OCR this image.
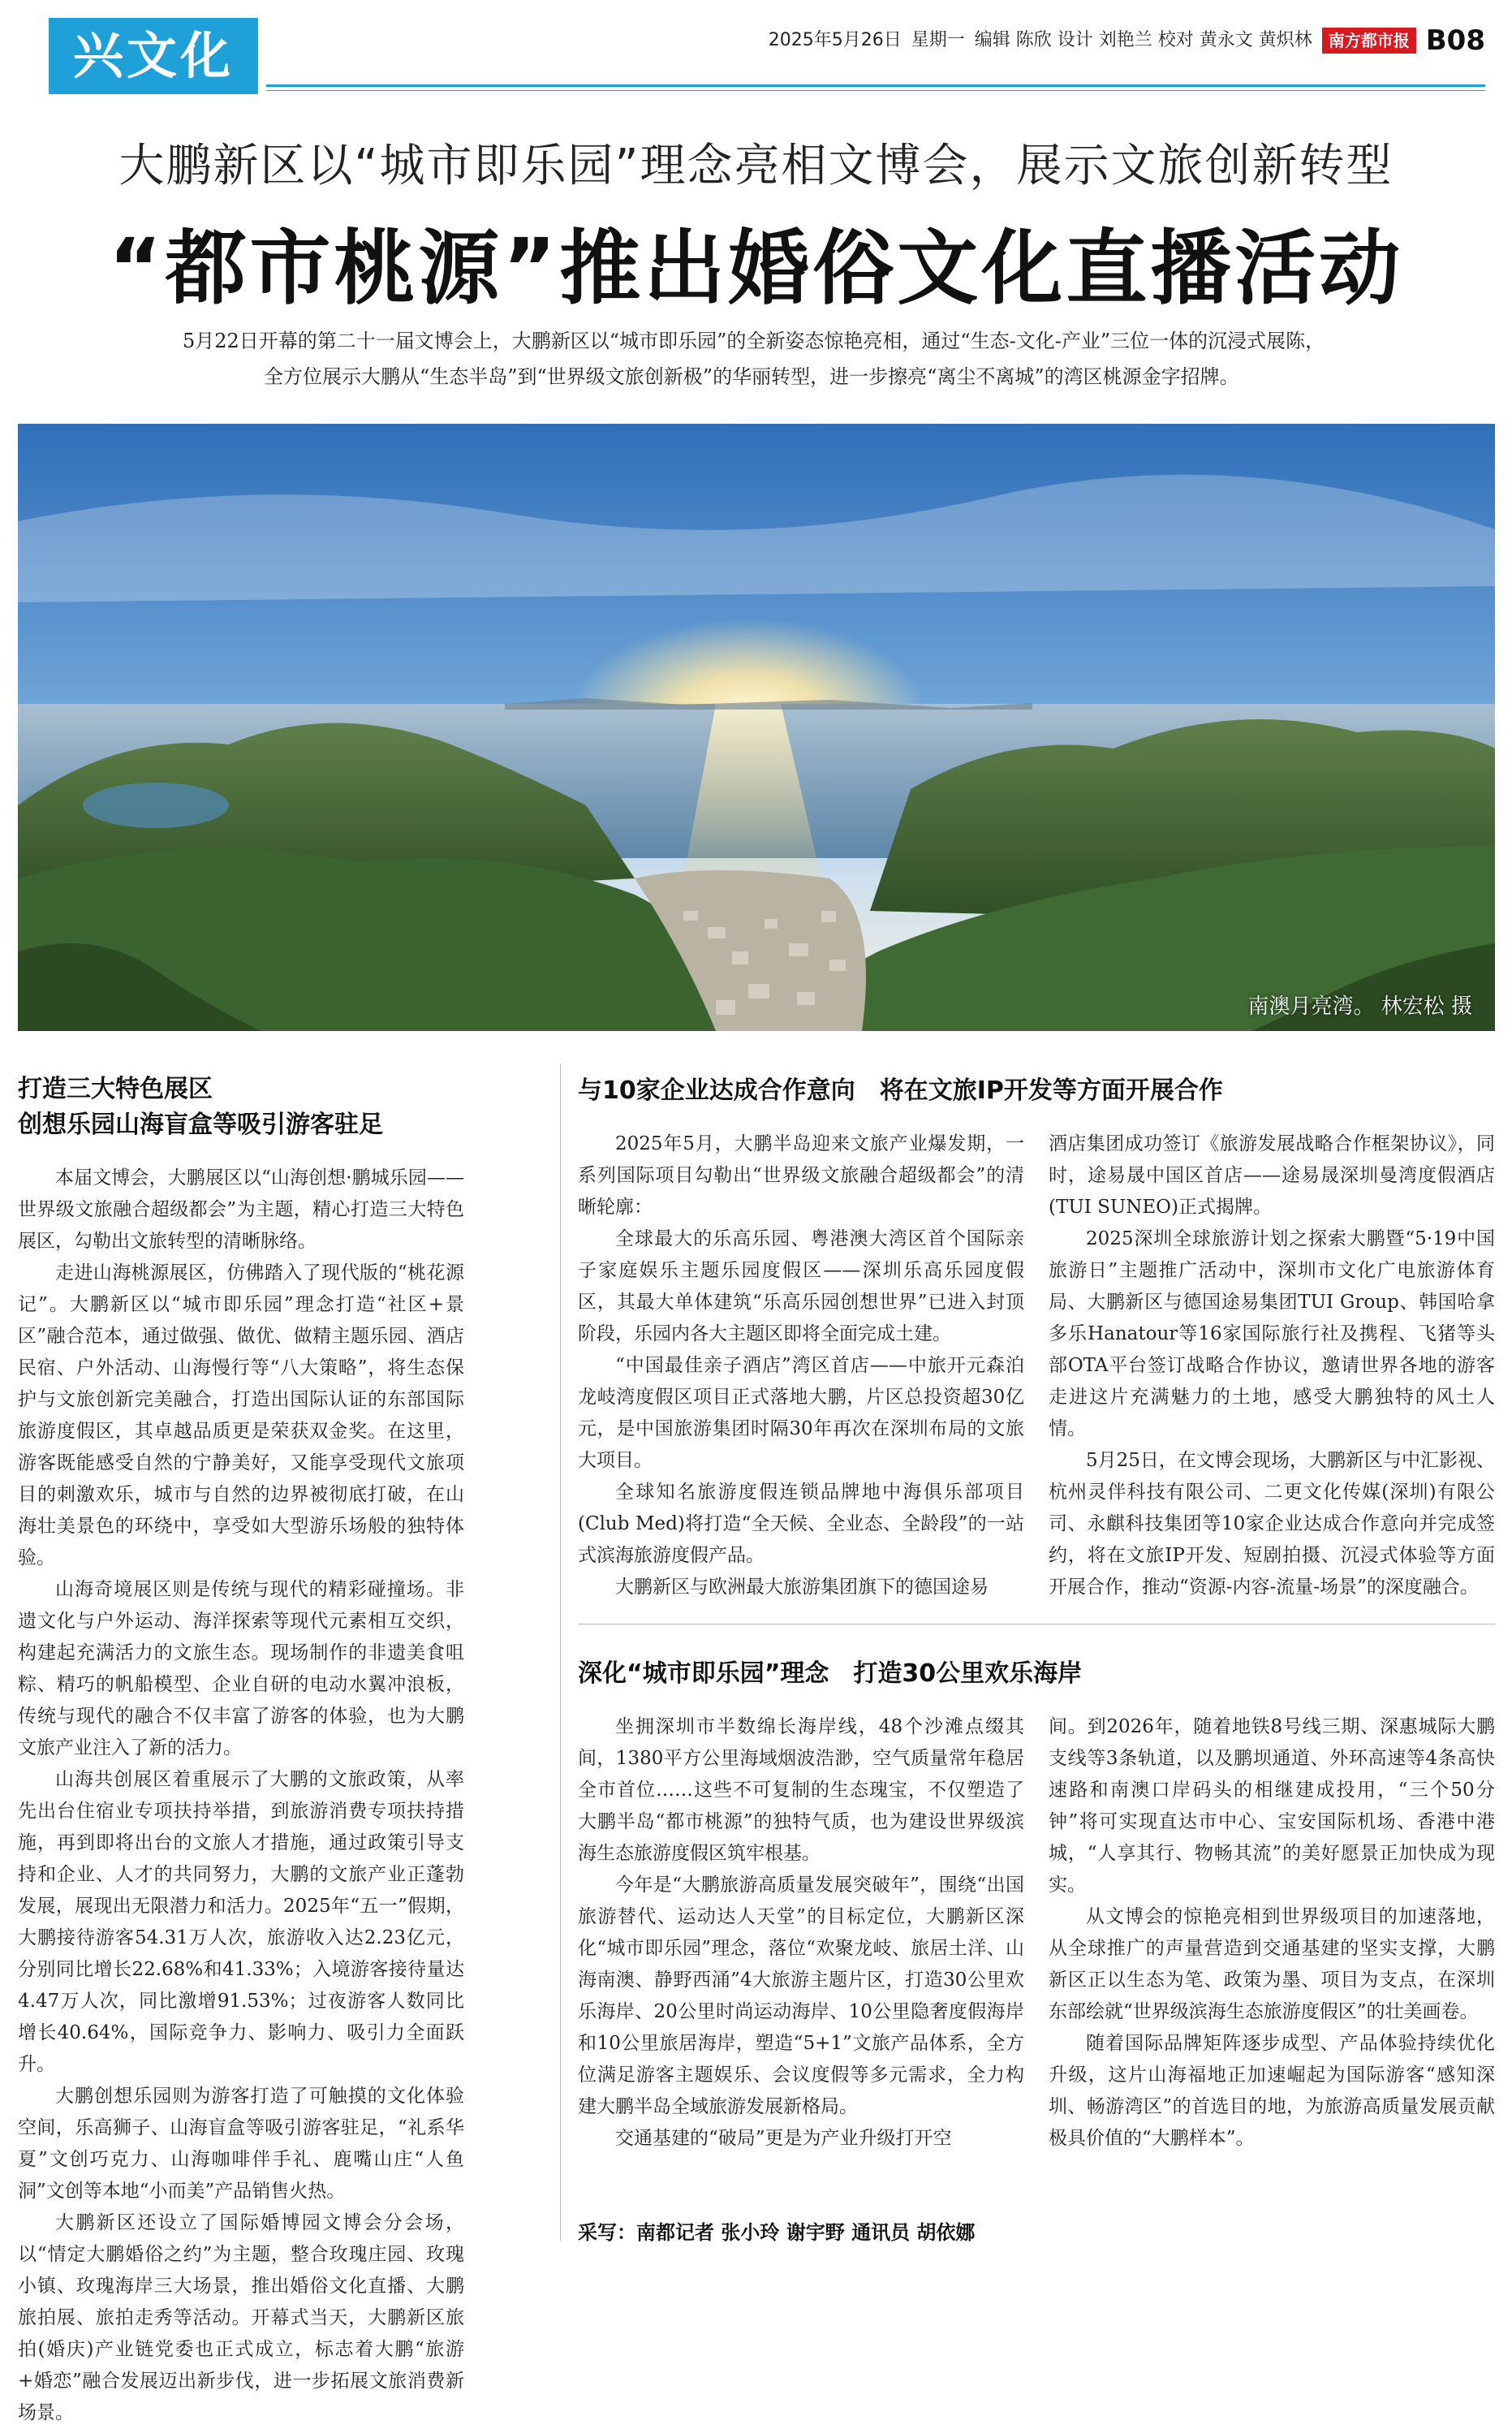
兴文化	2025年5月26日 星期一 编辑 陈欣 设计 刘艳兰 校对 黄永文 黄炽林	南方都市报 B08
大鹏新区以“城市即乐园”理念亮相文博会，展示文旅创新转型
“都市桃源”推出婚俗文化直播活动

5月22日开幕的第二十一届文博会上，大鹏新区以“城市即乐园”的全新姿态惊艳亮相，通过“生态-文化-产业”三位一体的沉浸式展陈，

全方位展示大鹏从“生态半岛”到“世界级文旅创新极”的华丽转型，进一步擦亮“离尘不离城”的湾区桃源金字招牌。

南澳月亮湾。 林宏松 摄
打造三大特色展区
创想乐园山海盲盒等吸引游客驻足

本届文博会，大鹏展区以“山海创想·鹏城乐园——世界级文旅融合超级都会”为主题，精心打造三大特色展区，勾勒出文旅转型的清晰脉络。

走进山海桃源展区，仿佛踏入了现代版的“桃花源记”。大鹏新区以“城市即乐园”理念打造“社区+景区”融合范本，通过做强、做优、做精主题乐园、酒店民宿、户外活动、山海慢行等“八大策略”，将生态保护与文旅创新完美融合，打造出国际认证的东部国际旅游度假区，其卓越品质更是荣获双金奖。在这里，游客既能感受自然的宁静美好，又能享受现代文旅项目的刺激欢乐，城市与自然的边界被彻底打破，在山海壮美景色的环绕中，享受如大型游乐场般的独特体验。

山海奇境展区则是传统与现代的精彩碰撞场。非遗文化与户外运动、海洋探索等现代元素相互交织，构建起充满活力的文旅生态。现场制作的非遗美食咀粽、精巧的帆船模型、企业自研的电动水翼冲浪板，传统与现代的融合不仅丰富了游客的体验，也为大鹏文旅产业注入了新的活力。

山海共创展区着重展示了大鹏的文旅政策，从率先出台住宿业专项扶持举措，到旅游消费专项扶持措施，再到即将出台的文旅人才措施，通过政策引导支持和企业、人才的共同努力，大鹏的文旅产业正蓬勃发展，展现出无限潜力和活力。2025年“五一”假期，大鹏接待游客54.31万人次，旅游收入达2.23亿元，分别同比增长22.68%和41.33%；入境游客接待量达4.47万人次，同比激增91.53%；过夜游客人数同比增长40.64%，国际竞争力、影响力、吸引力全面跃升。

大鹏创想乐园则为游客打造了可触摸的文化体验空间，乐高狮子、山海盲盒等吸引游客驻足，“礼系华夏”文创巧克力、山海咖啡伴手礼、鹿嘴山庄“人鱼洞”文创等本地“小而美”产品销售火热。

大鹏新区还设立了国际婚博园文博会分会场，以“情定大鹏婚俗之约”为主题，整合玫瑰庄园、玫瑰小镇、玫瑰海岸三大场景，推出婚俗文化直播、大鹏旅拍展、旅拍走秀等活动。开幕式当天，大鹏新区旅拍(婚庆)产业链党委也正式成立，标志着大鹏“旅游+婚恋”融合发展迈出新步伐，进一步拓展文旅消费新场景。

与10家企业达成合作意向　将在文旅IP开发等方面开展合作

2025年5月，大鹏半岛迎来文旅产业爆发期，一系列国际项目勾勒出“世界级文旅融合超级都会”的清晰轮廓：

全球最大的乐高乐园、粤港澳大湾区首个国际亲子家庭娱乐主题乐园度假区——深圳乐高乐园度假区，其最大单体建筑“乐高乐园创想世界”已进入封顶阶段，乐园内各大主题区即将全面完成土建。

“中国最佳亲子酒店”湾区首店——中旅开元森泊龙岐湾度假区项目正式落地大鹏，片区总投资超30亿元，是中国旅游集团时隔30年再次在深圳布局的文旅大项目。

全球知名旅游度假连锁品牌地中海俱乐部项目(Club Med)将打造“全天候、全业态、全龄段”的一站式滨海旅游度假产品。

大鹏新区与欧洲最大旅游集团旗下的德国途易

酒店集团成功签订《旅游发展战略合作框架协议》，同时，途易晟中国区首店——途易晟深圳曼湾度假酒店(TUI SUNEO)正式揭牌。

2025深圳全球旅游计划之探索大鹏暨“5·19中国旅游日”主题推广活动中，深圳市文化广电旅游体育局、大鹏新区与德国途易集团TUI Group、韩国哈拿多乐Hanatour等16家国际旅行社及携程、飞猪等头部OTA平台签订战略合作协议，邀请世界各地的游客走进这片充满魅力的土地，感受大鹏独特的风土人情。

5月25日，在文博会现场，大鹏新区与中汇影视、杭州灵伴科技有限公司、二更文化传媒(深圳)有限公司、永麒科技集团等10家企业达成合作意向并完成签约，将在文旅IP开发、短剧拍摄、沉浸式体验等方面开展合作，推动“资源-内容-流量-场景”的深度融合。

深化“城市即乐园”理念　打造30公里欢乐海岸

坐拥深圳市半数绵长海岸线，48个沙滩点缀其间，1380平方公里海域烟波浩渺，空气质量常年稳居全市首位……这些不可复制的生态瑰宝，不仅塑造了大鹏半岛“都市桃源”的独特气质，也为建设世界级滨海生态旅游度假区筑牢根基。

今年是“大鹏旅游高质量发展突破年”，围绕“出国旅游替代、运动达人天堂”的目标定位，大鹏新区深化“城市即乐园”理念，落位“欢聚龙岐、旅居土洋、山海南澳、静野西涌”4大旅游主题片区，打造30公里欢乐海岸、20公里时尚运动海岸、10公里隐奢度假海岸和10公里旅居海岸，塑造“5+1”文旅产品体系，全方位满足游客主题娱乐、会议度假等多元需求，全力构建大鹏半岛全域旅游发展新格局。

交通基建的“破局”更是为产业升级打开空

间。到2026年，随着地铁8号线三期、深惠城际大鹏支线等3条轨道，以及鹏坝通道、外环高速等4条高快速路和南澳口岸码头的相继建成投用，“三个50分钟”将可实现直达市中心、宝安国际机场、香港中港城，“人享其行、物畅其流”的美好愿景正加快成为现实。

从文博会的惊艳亮相到世界级项目的加速落地，从全球推广的声量营造到交通基建的坚实支撑，大鹏新区正以生态为笔、政策为墨、项目为支点，在深圳东部绘就“世界级滨海生态旅游度假区”的壮美画卷。

随着国际品牌矩阵逐步成型、产品体验持续优化升级，这片山海福地正加速崛起为国际游客“感知深圳、畅游湾区”的首选目的地，为旅游高质量发展贡献极具价值的“大鹏样本”。

采写：南都记者 张小玲 谢宇野 通讯员 胡依娜
